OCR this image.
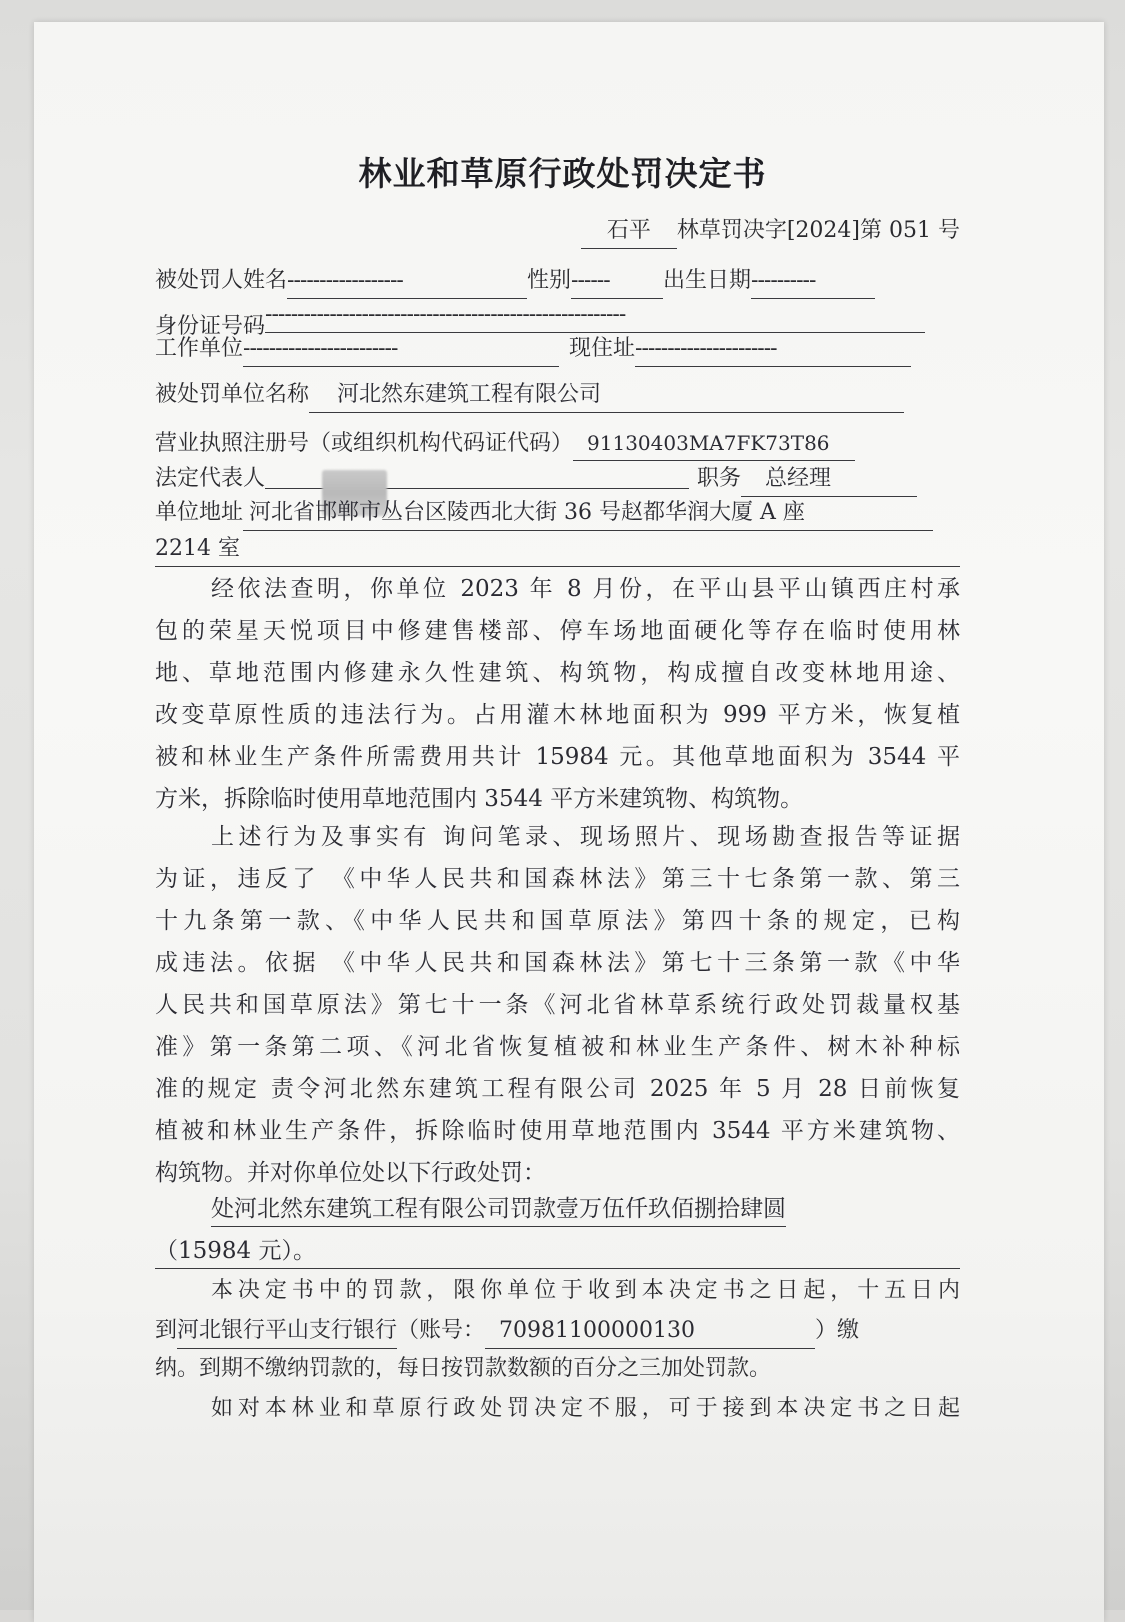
林业和草原行政处罚决定书
石平 林草罚决字[2024]第 051 号
被处罚人姓名------------------	性别------ 出生日期----------
身份证号码--------------------------------------------------------
工作单位------------------------	现住址----------------------
被处罚单位名称 河北然东建筑工程有限公司
营业执照注册号（或组织机构代码证代码） 91130403MA7FK73T86
法定代表人	职务 总经理
单位地址 河北省邯郸市丛台区陵西北大街 36 号赵都华润大厦 A 座
2214 室
经依法查明，你单位 2023 年 8 月份，在平山县平山镇西庄村承
包的荣星天悦项目中修建售楼部、停车场地面硬化等存在临时使用林
地、草地范围内修建永久性建筑、构筑物，构成擅自改变林地用途、
改变草原性质的违法行为。占用灌木林地面积为 999 平方米，恢复植
被和林业生产条件所需费用共计 15984 元。其他草地面积为 3544 平
方米，拆除临时使用草地范围内 3544 平方米建筑物、构筑物。
上述行为及事实有 询问笔录、现场照片、现场勘查报告等证据
为证，违反了 《中华人民共和国森林法》第三十七条第一款、第三
十九条第一款、《中华人民共和国草原法》第四十条的规定，已构
成违法。依据 《中华人民共和国森林法》第七十三条第一款《中华
人民共和国草原法》第七十一条《河北省林草系统行政处罚裁量权基
准》第一条第二项、《河北省恢复植被和林业生产条件、树木补种标
准的规定 责令河北然东建筑工程有限公司 2025 年 5 月 28 日前恢复
植被和林业生产条件，拆除临时使用草地范围内 3544 平方米建筑物、
构筑物。并对你单位处以下行政处罚：
处河北然东建筑工程有限公司罚款壹万伍仟玖佰捌拾肆圆
（15984 元）。
本决定书中的罚款，限你单位于收到本决定书之日起，十五日内
到河北银行平山支行银行（账号： 70981100000130	）缴
纳。到期不缴纳罚款的，每日按罚款数额的百分之三加处罚款。
如对本林业和草原行政处罚决定不服，可于接到本决定书之日起
